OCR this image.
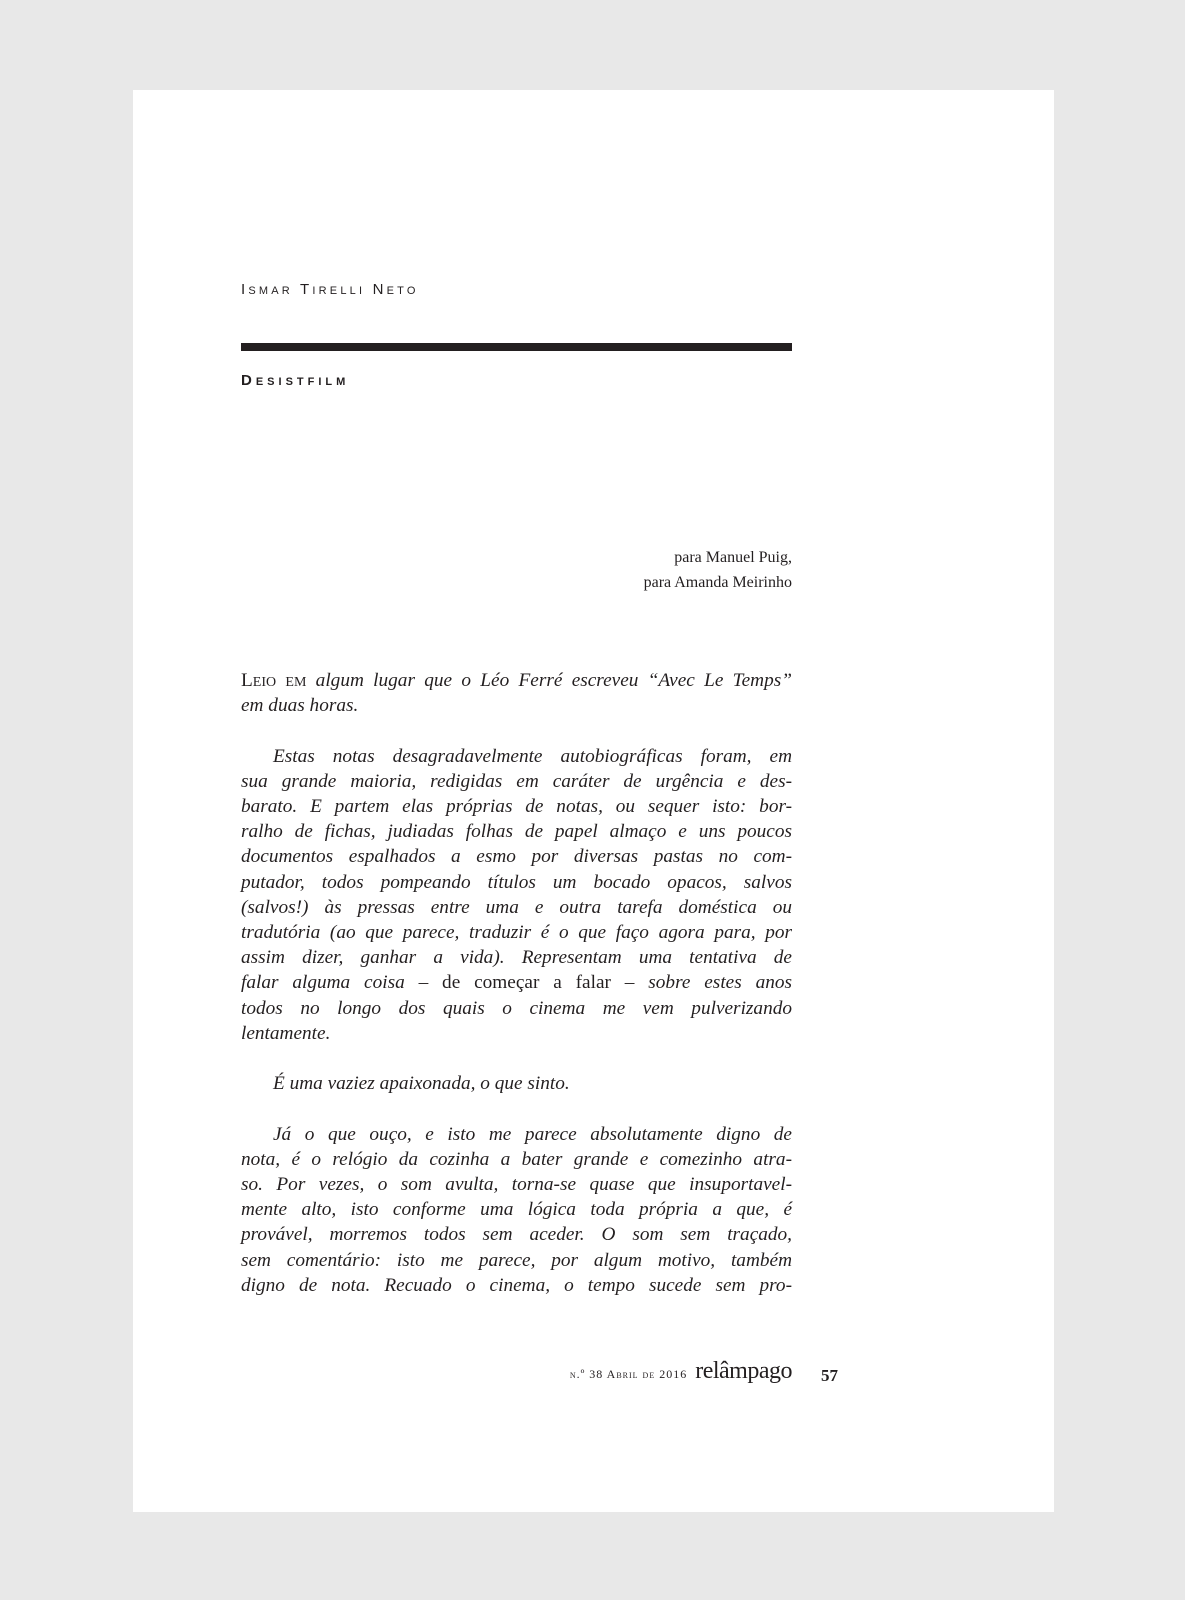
Ismar Tirelli Neto

Desistfilm

para Manuel Puig,
para Amanda Meirinho

Leio em algum lugar que o Léo Ferré escreveu “Avec Le Temps”
em duas horas.

Estas notas desagradavelmente autobiográficas foram, em
sua grande maioria, redigidas em caráter de urgência e des-
barato. E partem elas próprias de notas, ou sequer isto: bor-
ralho de fichas, judiadas folhas de papel almaço e uns poucos
documentos espalhados a esmo por diversas pastas no com-
putador, todos pompeando títulos um bocado opacos, salvos
(salvos!) às pressas entre uma e outra tarefa doméstica ou
tradutória (ao que parece, traduzir é o que faço agora para, por
assim dizer, ganhar a vida). Representam uma tentativa de
falar alguma coisa – de começar a falar – sobre estes anos
todos no longo dos quais o cinema me vem pulverizando
lentamente.

É uma vaziez apaixonada, o que sinto.

Já o que ouço, e isto me parece absolutamente digno de
nota, é o relógio da cozinha a bater grande e comezinho atra-
so. Por vezes, o som avulta, torna-se quase que insuportavel-
mente alto, isto conforme uma lógica toda própria a que, é
provável, morremos todos sem aceder. O som sem traçado,
sem comentário: isto me parece, por algum motivo, também
digno de nota. Recuado o cinema, o tempo sucede sem pro-

n.º 38 Abril de 2016 relâmpago 57
